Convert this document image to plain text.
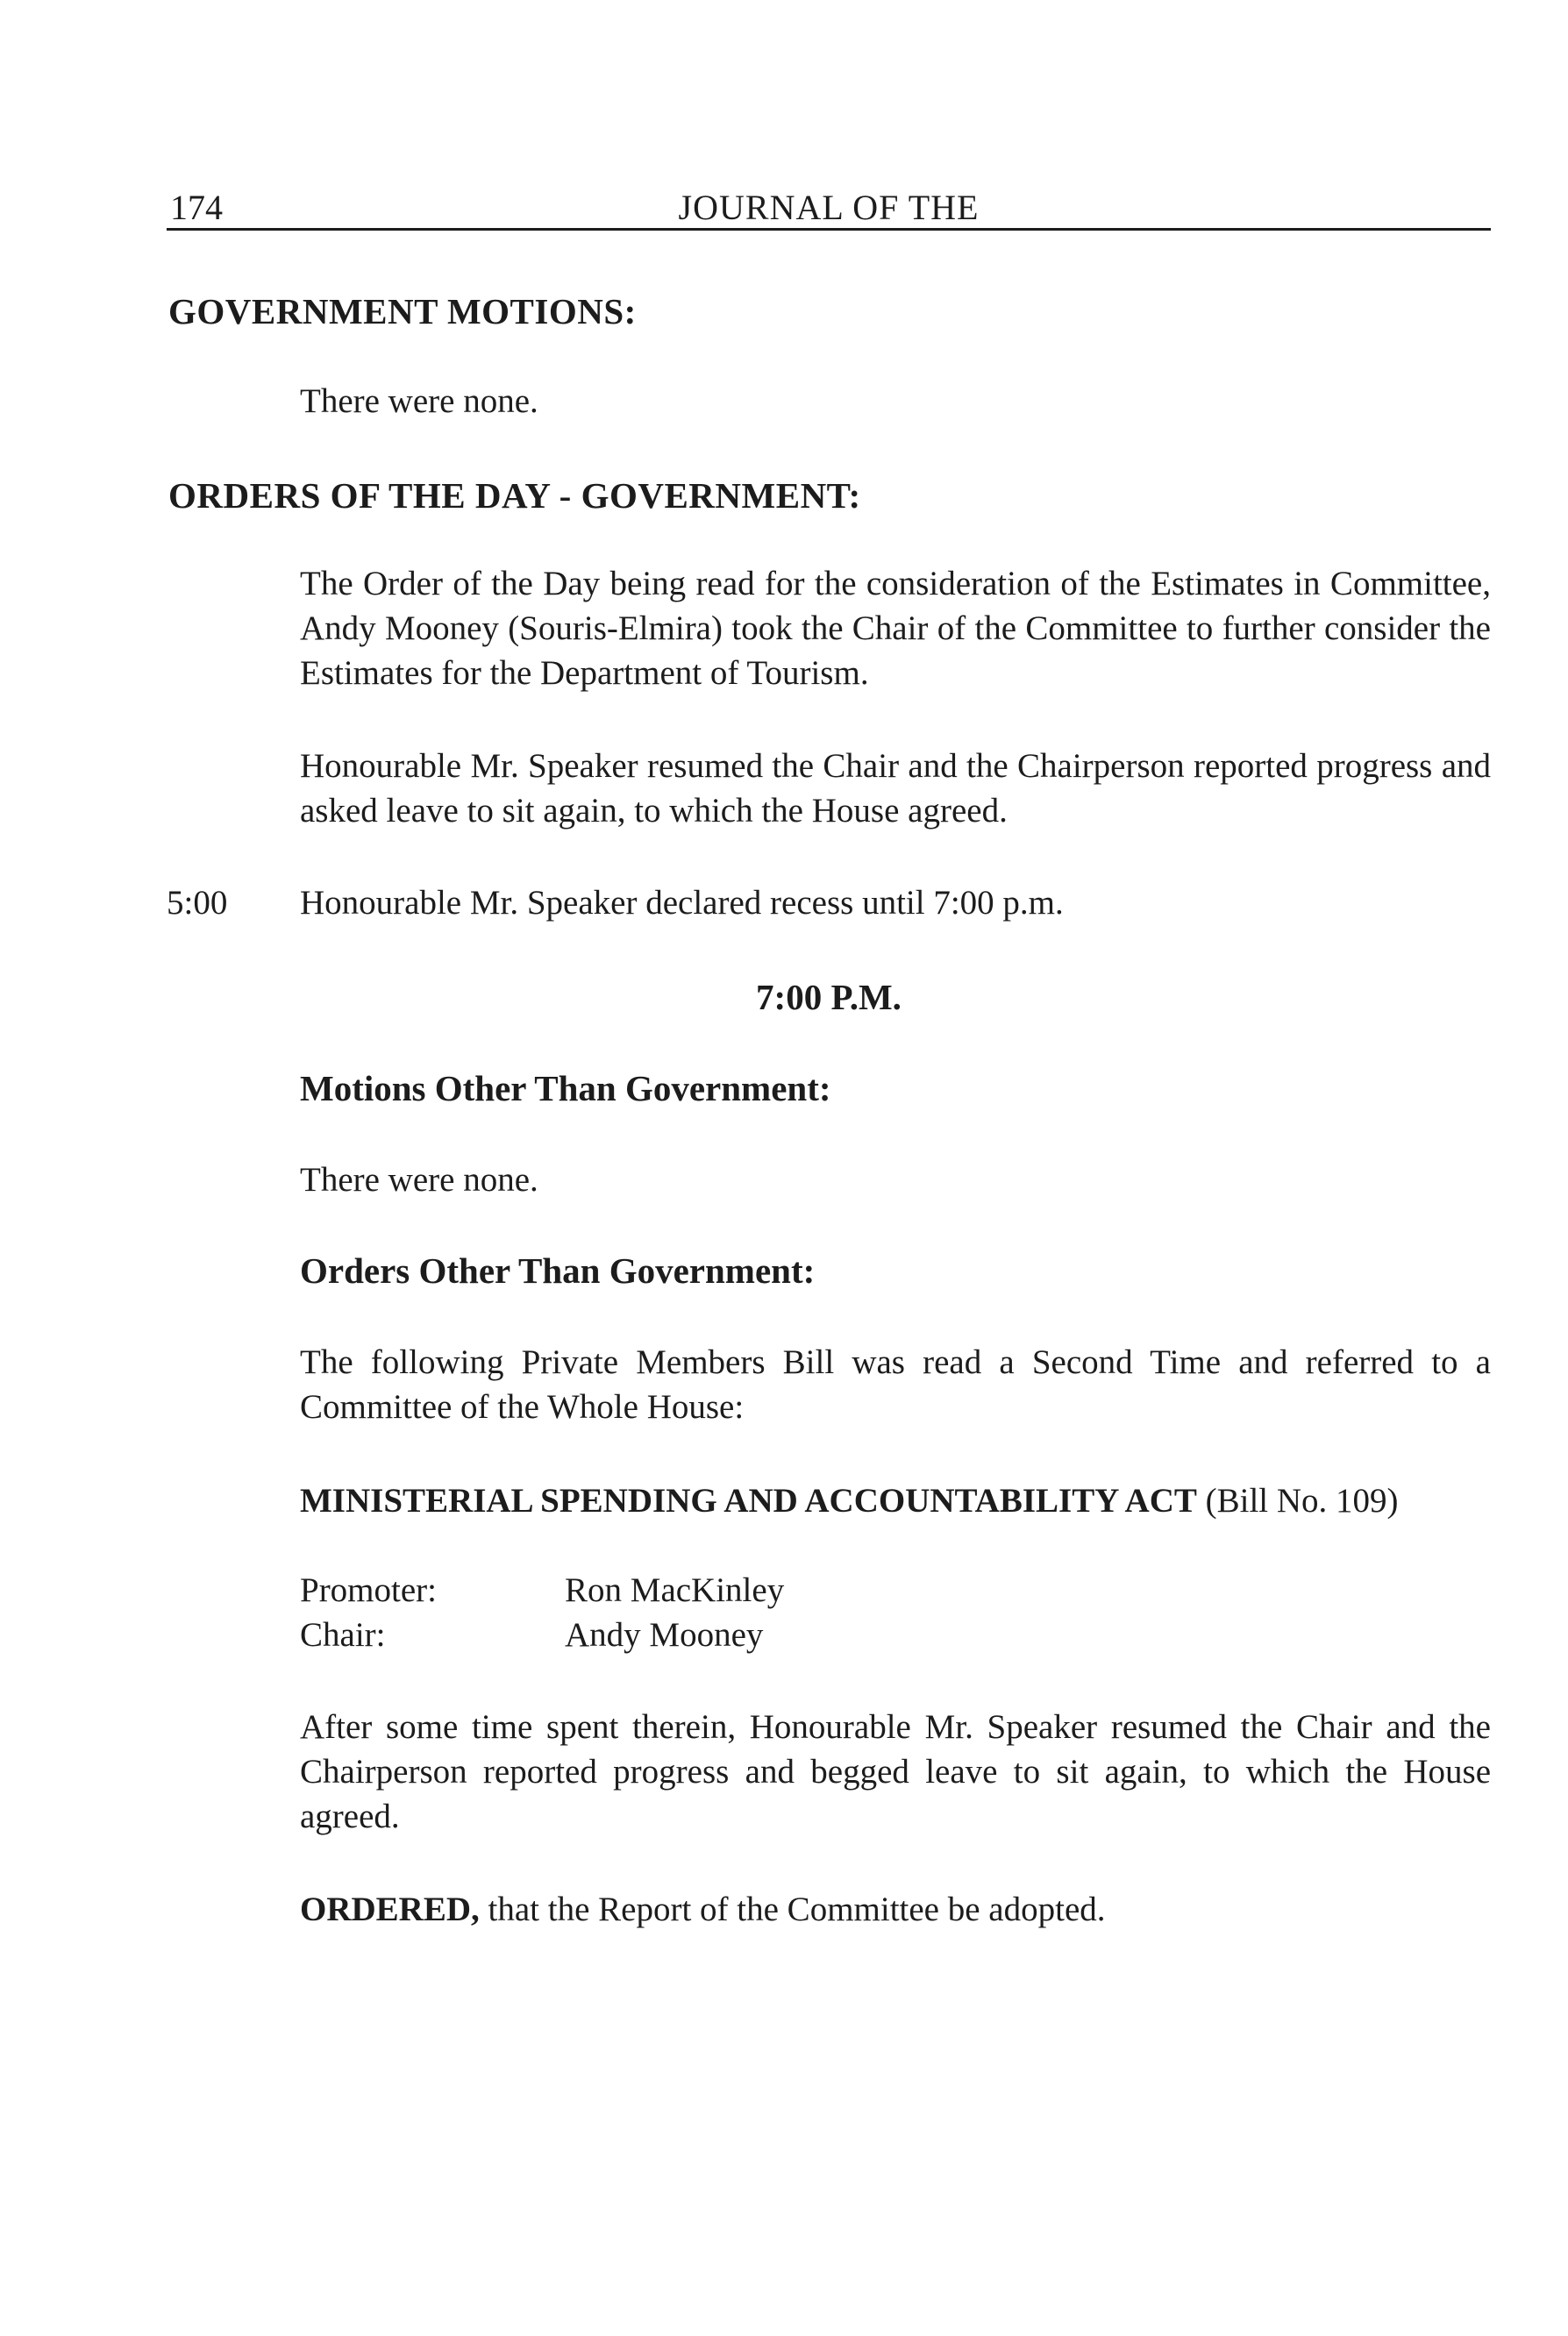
174	JOURNAL OF THE
GOVERNMENT MOTIONS:

There were none.

ORDERS OF THE DAY - GOVERNMENT:

The Order of the Day being read for the consideration of the Estimates in Committee, Andy Mooney (Souris-Elmira) took the Chair of the Committee to further consider the Estimates for the Department of Tourism.

Honourable Mr. Speaker resumed the Chair and the Chairperson reported progress and asked leave to sit again, to which the House agreed.

5:00 Honourable Mr. Speaker declared recess until 7:00 p.m.

7:00 P.M.
Motions Other Than Government:

There were none.

Orders Other Than Government:

The following Private Members Bill was read a Second Time and referred to a Committee of the Whole House:

MINISTERIAL SPENDING AND ACCOUNTABILITY ACT (Bill No. 109)

Promoter:	Ron MacKinley
Chair:	Andy Mooney

After some time spent therein, Honourable Mr. Speaker resumed the Chair and the Chairperson reported progress and begged leave to sit again, to which the House agreed.

ORDERED, that the Report of the Committee be adopted.
